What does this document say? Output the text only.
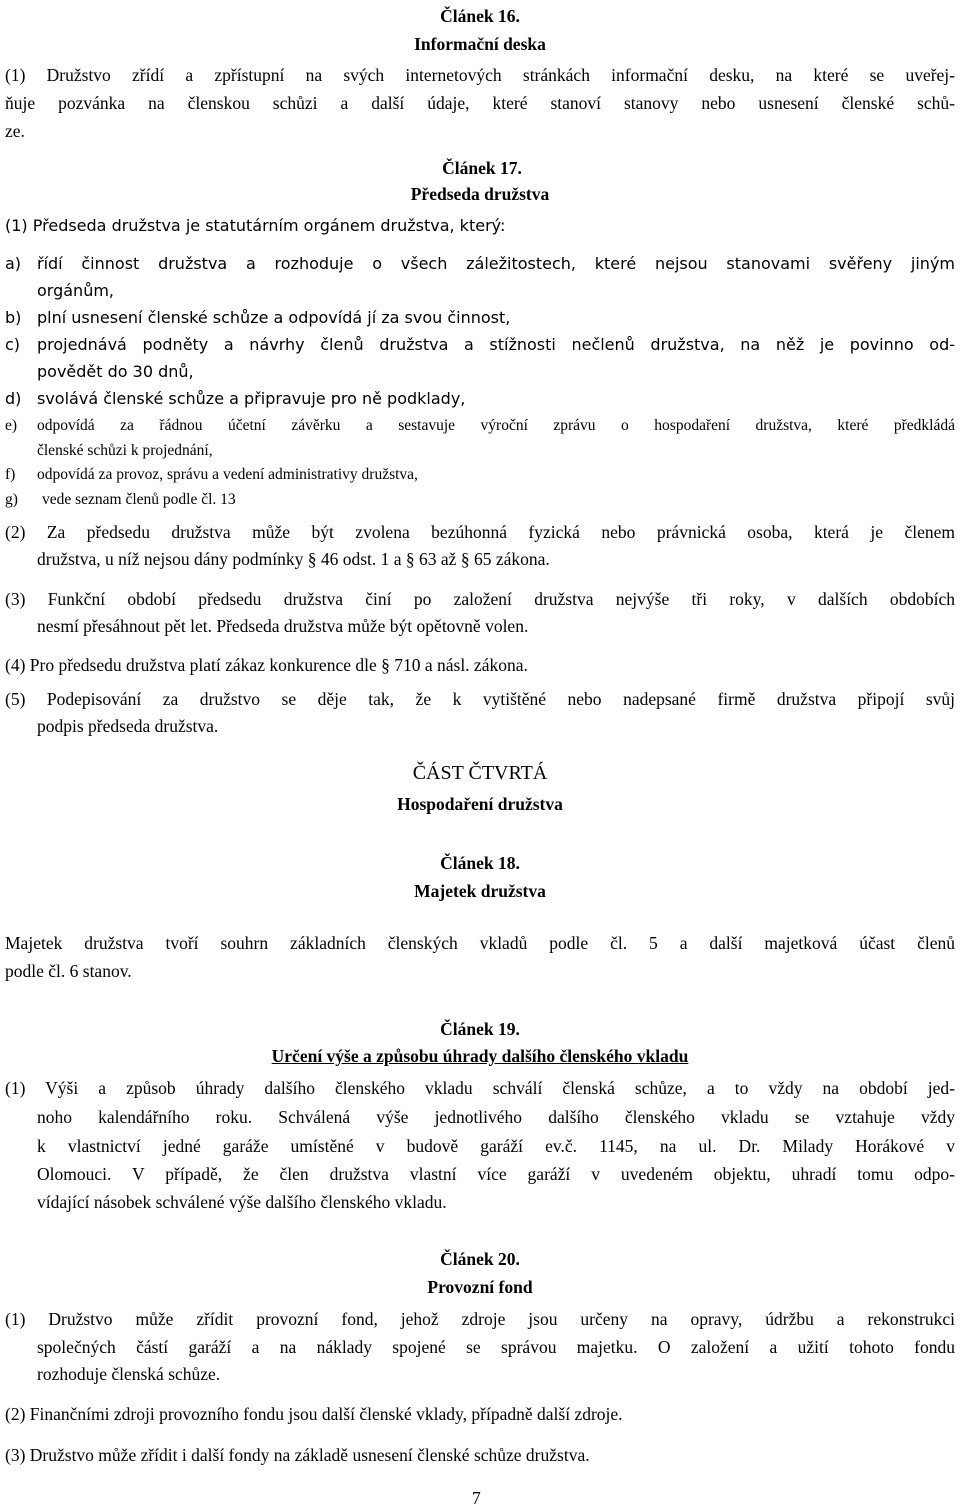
Článek 16.
Informační deska
(1) Družstvo zřídí a zpřístupní na svých internetových stránkách informační desku, na které se uveřej-
ňuje pozvánka na členskou schůzi a další údaje, které stanoví stanovy nebo usnesení členské schů-
ze.
Článek 17.
Předseda družstva
(1) Předseda družstva je statutárním orgánem družstva, který:
a) řídí činnost družstva a rozhoduje o všech záležitostech, které nejsou stanovami svěřeny jiným
orgánům,
b) plní usnesení členské schůze a odpovídá jí za svou činnost,
c) projednává podněty a návrhy členů družstva a stížnosti nečlenů družstva, na něž je povinno od-
povědět do 30 dnů,
d) svolává členské schůze a připravuje pro ně podklady,
e) odpovídá za řádnou účetní závěrku a sestavuje výroční zprávu o hospodaření družstva, které předkládá
členské schůzi k projednání,
f) odpovídá za provoz, správu a vedení administrativy družstva,
g) vede seznam členů podle čl. 13
(2) Za předsedu družstva může být zvolena bezúhonná fyzická nebo právnická osoba, která je členem
družstva, u níž nejsou dány podmínky § 46 odst. 1 a § 63 až § 65 zákona.
(3) Funkční období předsedu družstva činí po založení družstva nejvýše tři roky, v dalších obdobích
nesmí přesáhnout pět let. Předseda družstva může být opětovně volen.
(4) Pro předsedu družstva platí zákaz konkurence dle § 710 a násl. zákona.
(5) Podepisování za družstvo se děje tak, že k vytištěné nebo nadepsané firmě družstva připojí svůj
podpis předseda družstva.
ČÁST ČTVRTÁ
Hospodaření družstva
Článek 18.
Majetek družstva
Majetek družstva tvoří souhrn základních členských vkladů podle čl. 5 a další majetková účast členů
podle čl. 6 stanov.
Článek 19.
Určení výše a způsobu úhrady dalšího členského vkladu
(1) Výši a způsob úhrady dalšího členského vkladu schválí členská schůze, a to vždy na období jed-
noho kalendářního roku. Schválená výše jednotlivého dalšího členského vkladu se vztahuje vždy
k vlastnictví jedné garáže umístěné v budově garáží ev.č. 1145, na ul. Dr. Milady Horákové v
Olomouci. V případě, že člen družstva vlastní více garáží v uvedeném objektu, uhradí tomu odpo-
vídající násobek schválené výše dalšího členského vkladu.
Článek 20.
Provozní fond
(1) Družstvo může zřídit provozní fond, jehož zdroje jsou určeny na opravy, údržbu a rekonstrukci
společných částí garáží a na náklady spojené se správou majetku. O založení a užití tohoto fondu
rozhoduje členská schůze.
(2) Finančními zdroji provozního fondu jsou další členské vklady, případně další zdroje.
(3) Družstvo může zřídit i další fondy na základě usnesení členské schůze družstva.
7
